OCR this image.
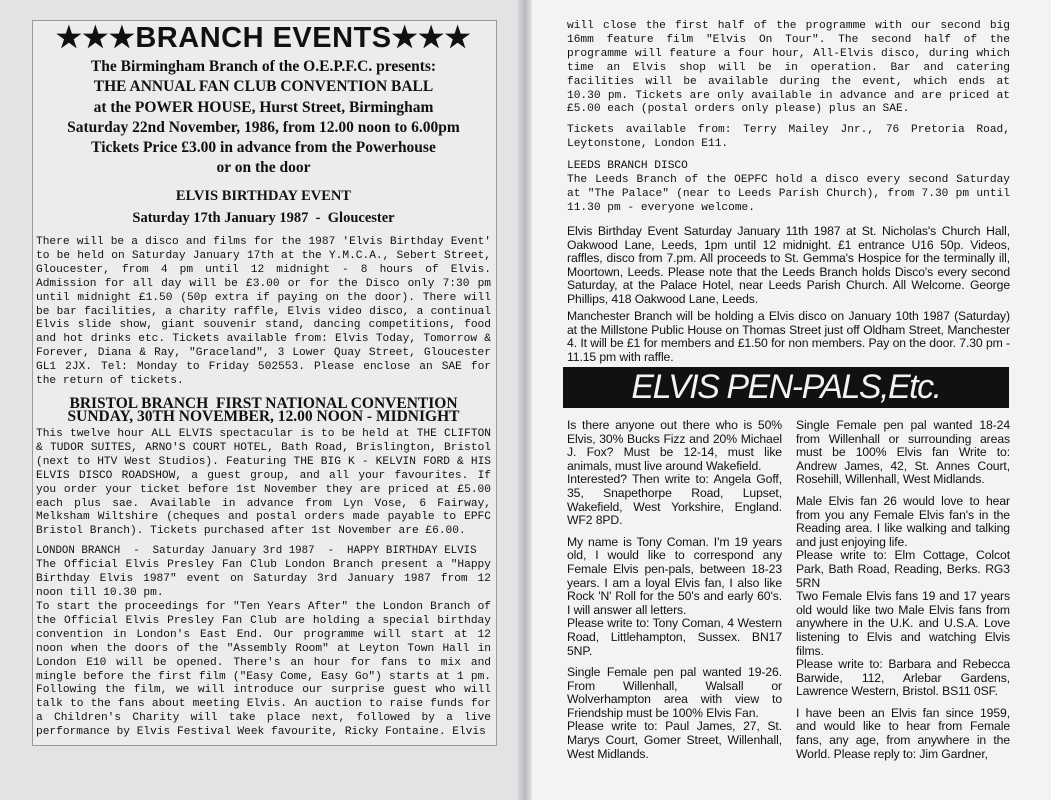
★★★BRANCH EVENTS★★★
The Birmingham Branch of the O.E.P.F.C. presents:
THE ANNUAL FAN CLUB CONVENTION BALL
at the POWER HOUSE, Hurst Street, Birmingham
Saturday 22nd November, 1986, from 12.00 noon to 6.00pm
Tickets Price £3.00 in advance from the Powerhouse
or on the door
ELVIS BIRTHDAY EVENT
Saturday 17th January 1987  -  Gloucester

There will be a disco and films for the 1987 'Elvis Birthday Event' to be held on Saturday January 17th at the Y.M.C.A., Sebert Street, Gloucester, from 4 pm until 12 midnight - 8 hours of Elvis. Admission for all day will be £3.00 or for the Disco only 7:30 pm until midnight £1.50 (50p extra if paying on the door). There will be bar facilities, a charity raffle, Elvis video disco, a continual Elvis slide show, giant souvenir stand, dancing competitions, food and hot drinks etc. Tickets available from: Elvis Today, Tomorrow & Forever, Diana & Ray, "Graceland", 3 Lower Quay Street, Gloucester GL1 2JX. Tel: Monday to Friday 502553. Please enclose an SAE for the return of tickets.

BRISTOL BRANCH  FIRST NATIONAL CONVENTION
SUNDAY, 30TH NOVEMBER, 12.00 NOON - MIDNIGHT

This twelve hour ALL ELVIS spectacular is to be held at THE CLIFTON & TUDOR SUITES, ARNO'S COURT HOTEL, Bath Road, Brislington, Bristol (next to HTV West Studios). Featuring THE BIG K - KELVIN FORD & HIS ELVIS DISCO ROADSHOW, a guest group, and all your favourites. If you order your ticket before 1st November they are priced at £5.00 each plus sae. Available in advance from Lyn Vose, 6 Fairway, Melksham Wiltshire (cheques and postal orders made payable to EPFC Bristol Branch). Tickets purchased after 1st November are £6.00.

LONDON BRANCH  -  Saturday January 3rd 1987  -  HAPPY BIRTHDAY ELVIS

The Official Elvis Presley Fan Club London Branch present a "Happy Birthday Elvis 1987" event on Saturday 3rd January 1987 from 12 noon till 10.30 pm.

To start the proceedings for "Ten Years After" the London Branch of the Official Elvis Presley Fan Club are holding a special birthday convention in London's East End. Our programme will start at 12 noon when the doors of the "Assembly Room" at Leyton Town Hall in London E10 will be opened. There's an hour for fans to mix and mingle before the first film ("Easy Come, Easy Go") starts at 1 pm. Following the film, we will introduce our surprise guest who will talk to the fans about meeting Elvis. An auction to raise funds for a Children's Charity will take place next, followed by a live performance by Elvis Festival Week favourite, Ricky Fontaine. Elvis

will close the first half of the programme with our second big 16mm feature film "Elvis On Tour". The second half of the programme will feature a four hour, All-Elvis disco, during which time an Elvis shop will be in operation. Bar and catering facilities will be available during the event, which ends at 10.30 pm. Tickets are only available in advance and are priced at £5.00 each (postal orders only please) plus an SAE.

Tickets available from: Terry Mailey Jnr., 76 Pretoria Road, Leytonstone, London E11.

LEEDS BRANCH DISCO

The Leeds Branch of the OEPFC hold a disco every second Saturday at "The Palace" (near to Leeds Parish Church), from 7.30 pm until 11.30 pm - everyone welcome.

Elvis Birthday Event Saturday January 11th 1987 at St. Nicholas's Church Hall, Oakwood Lane, Leeds, 1pm until 12 midnight. £1 entrance U16 50p. Videos, raffles, disco from 7.pm. All proceeds to St. Gemma's Hospice for the terminally ill, Moortown, Leeds. Please note that the Leeds Branch holds Disco's every second Saturday, at the Palace Hotel, near Leeds Parish Church. All Welcome. George Phillips, 418 Oakwood Lane, Leeds.

Manchester Branch will be holding a Elvis disco on January 10th 1987 (Saturday) at the Millstone Public House on Thomas Street just off Oldham Street, Manchester 4. It will be £1 for members and £1.50 for non members. Pay on the door. 7.30 pm - 11.15 pm with raffle.

ELVIS PEN-PALS,Etc.

Is there anyone out there who is 50% Elvis, 30% Bucks Fizz and 20% Michael J. Fox? Must be 12-14, must like animals, must live around Wakefield.

Interested? Then write to: Angela Goff, 35, Snapethorpe Road, Lupset, Wakefield, West Yorkshire, England. WF2 8PD.

My name is Tony Coman. I'm 19 years old, I would like to correspond any Female Elvis pen-pals, between 18-23 years. I am a loyal Elvis fan, I also like Rock 'N' Roll for the 50's and early 60's. I will answer all letters.

Please write to: Tony Coman, 4 Western Road, Littlehampton, Sussex. BN17 5NP.

Single Female pen pal wanted 19-26. From Willenhall, Walsall or Wolverhampton area with view to Friendship must be 100% Elvis Fan.

Please write to: Paul James, 27, St. Marys Court, Gomer Street, Willenhall, West Midlands.

Single Female pen pal wanted 18-24 from Willenhall or surrounding areas must be 100% Elvis fan Write to: Andrew James, 42, St. Annes Court, Rosehill, Willenhall, West Midlands.

Male Elvis fan 26 would love to hear from you any Female Elvis fan's in the Reading area. I like walking and talking and just enjoying life.

Please write to: Elm Cottage, Colcot Park, Bath Road, Reading, Berks. RG3 5RN

Two Female Elvis fans 19 and 17 years old would like two Male Elvis fans from anywhere in the U.K. and U.S.A. Love listening to Elvis and watching Elvis films.

Please write to: Barbara and Rebecca Barwide, 112, Arlebar Gardens, Lawrence Western, Bristol. BS11 0SF.

I have been an Elvis fan since 1959, and would like to hear from Female fans, any age, from anywhere in the World. Please reply to: Jim Gardner,
